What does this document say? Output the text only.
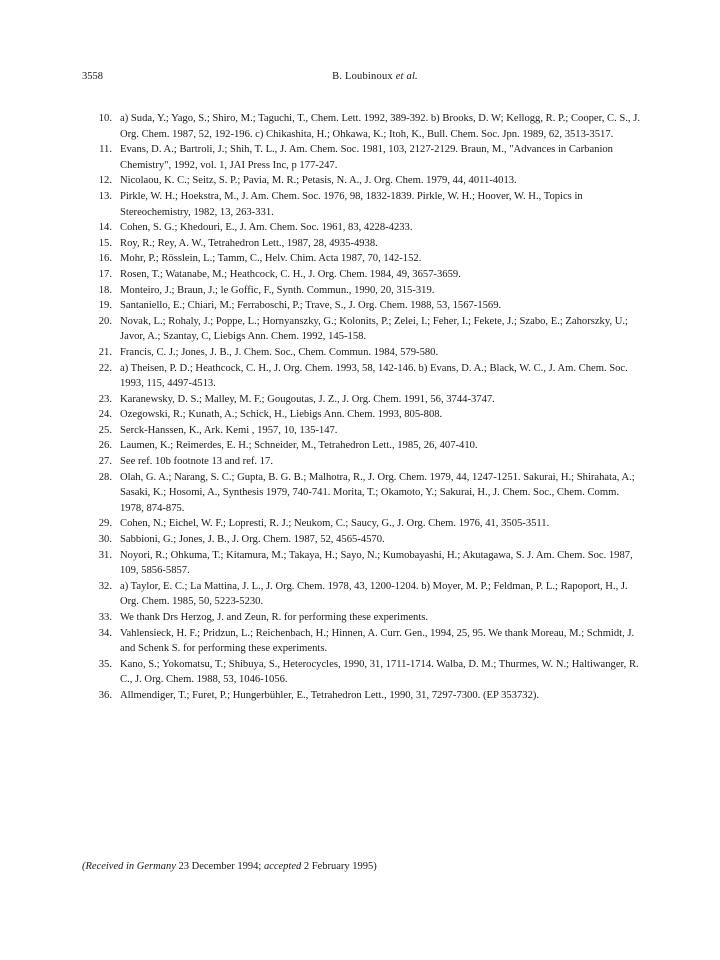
3558	B. Loubinoux et al.
10. a) Suda, Y.; Yago, S.; Shiro, M.; Taguchi, T., Chem. Lett. 1992, 389-392. b) Brooks, D. W; Kellogg, R. P.; Cooper, C. S., J. Org. Chem. 1987, 52, 192-196. c) Chikashita, H.; Ohkawa, K.; Itoh, K., Bull. Chem. Soc. Jpn. 1989, 62, 3513-3517.
11. Evans, D. A.; Bartroli, J.; Shih, T. L., J. Am. Chem. Soc. 1981, 103, 2127-2129. Braun, M., "Advances in Carbanion Chemistry", 1992, vol. 1, JAI Press Inc, p 177-247.
12. Nicolaou, K. C.; Seitz, S. P.; Pavia, M. R.; Petasis, N. A., J. Org. Chem. 1979, 44, 4011-4013.
13. Pirkle, W. H.; Hoekstra, M., J. Am. Chem. Soc. 1976, 98, 1832-1839. Pirkle, W. H.; Hoover, W. H., Topics in Stereochemistry, 1982, 13, 263-331.
14. Cohen, S. G.; Khedouri, E., J. Am. Chem. Soc. 1961, 83, 4228-4233.
15. Roy, R.; Rey, A. W., Tetrahedron Lett., 1987, 28, 4935-4938.
16. Mohr, P.; Rösslein, L.; Tamm, C., Helv. Chim. Acta 1987, 70, 142-152.
17. Rosen, T.; Watanabe, M.; Heathcock, C. H., J. Org. Chem. 1984, 49, 3657-3659.
18. Monteiro, J.; Braun, J.; le Goffic, F., Synth. Commun., 1990, 20, 315-319.
19. Santaniello, E.; Chiari, M.; Ferraboschi, P.; Trave, S., J. Org. Chem. 1988, 53, 1567-1569.
20. Novak, L.; Rohaly, J.; Poppe, L.; Hornyanszky, G.; Kolonits, P.; Zelei, I.; Feher, I.; Fekete, J.; Szabo, E.; Zahorszky, U.; Javor, A.; Szantay, C, Liebigs Ann. Chem. 1992, 145-158.
21. Francis, C. J.; Jones, J. B., J. Chem. Soc., Chem. Commun. 1984, 579-580.
22. a) Theisen, P. D.; Heathcock, C. H., J. Org. Chem. 1993, 58, 142-146. b) Evans, D. A.; Black, W. C., J. Am. Chem. Soc. 1993, 115, 4497-4513.
23. Karanewsky, D. S.; Malley, M. F.; Gougoutas, J. Z., J. Org. Chem. 1991, 56, 3744-3747.
24. Ozegowski, R.; Kunath, A.; Schick, H., Liebigs Ann. Chem. 1993, 805-808.
25. Serck-Hanssen, K., Ark. Kemi , 1957, 10, 135-147.
26. Laumen, K.; Reimerdes, E. H.; Schneider, M., Tetrahedron Lett., 1985, 26, 407-410.
27. See ref. 10b footnote 13 and ref. 17.
28. Olah, G. A.; Narang, S. C.; Gupta, B. G. B.; Malhotra, R., J. Org. Chem. 1979, 44, 1247-1251. Sakurai, H.; Shirahata, A.; Sasaki, K.; Hosomi, A., Synthesis 1979, 740-741. Morita, T.; Okamoto, Y.; Sakurai, H., J. Chem. Soc., Chem. Comm. 1978, 874-875.
29. Cohen, N.; Eichel, W. F.; Lopresti, R. J.; Neukom, C.; Saucy, G., J. Org. Chem. 1976, 41, 3505-3511.
30. Sabbioni, G.; Jones, J. B., J. Org. Chem. 1987, 52, 4565-4570.
31. Noyori, R.; Ohkuma, T.; Kitamura, M.; Takaya, H.; Sayo, N.; Kumobayashi, H.; Akutagawa, S. J. Am. Chem. Soc. 1987, 109, 5856-5857.
32. a) Taylor, E. C.; La Mattina, J. L., J. Org. Chem. 1978, 43, 1200-1204. b) Moyer, M. P.; Feldman, P. L.; Rapoport, H., J. Org. Chem. 1985, 50, 5223-5230.
33. We thank Drs Herzog, J. and Zeun, R. for performing these experiments.
34. Vahlensieck, H. F.; Pridzun, L.; Reichenbach, H.; Hinnen, A. Curr. Gen., 1994, 25, 95. We thank Moreau, M.; Schmidt, J. and Schenk S. for performing these experiments.
35. Kano, S.; Yokomatsu, T.; Shibuya, S., Heterocycles, 1990, 31, 1711-1714. Walba, D. M.; Thurmes, W. N.; Haltiwanger, R. C., J. Org. Chem. 1988, 53, 1046-1056.
36. Allmendiger, T.; Furet, P.; Hungerbühler, E., Tetrahedron Lett., 1990, 31, 7297-7300. (EP 353732).
(Received in Germany 23 December 1994; accepted 2 February 1995)
